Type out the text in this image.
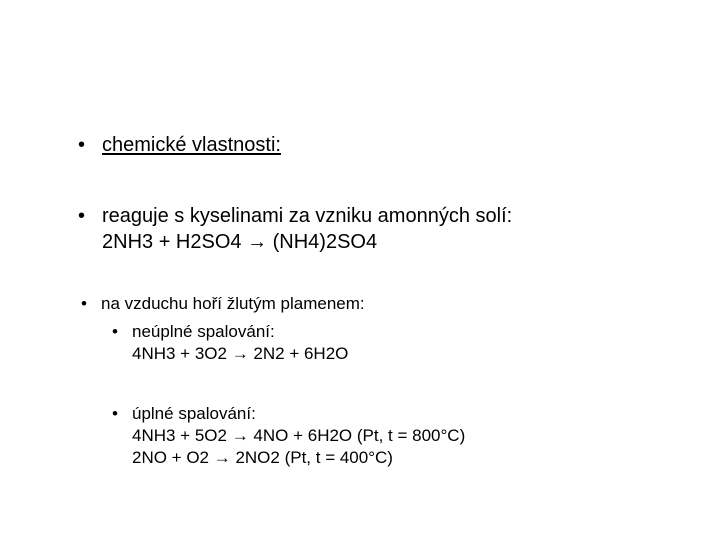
• chemické vlastnosti:
• reaguje s kyselinami za vzniku amonných solí:
2NH3 + H2SO4 → (NH4)2SO4
• na vzduchu hoří žlutým plamenem:
• neúplné spalování:
4NH3 + 3O2 → 2N2 + 6H2O
• úplné spalování:
4NH3 + 5O2 → 4NO + 6H2O (Pt, t = 800°C)
2NO + O2 → 2NO2 (Pt, t = 400°C)
